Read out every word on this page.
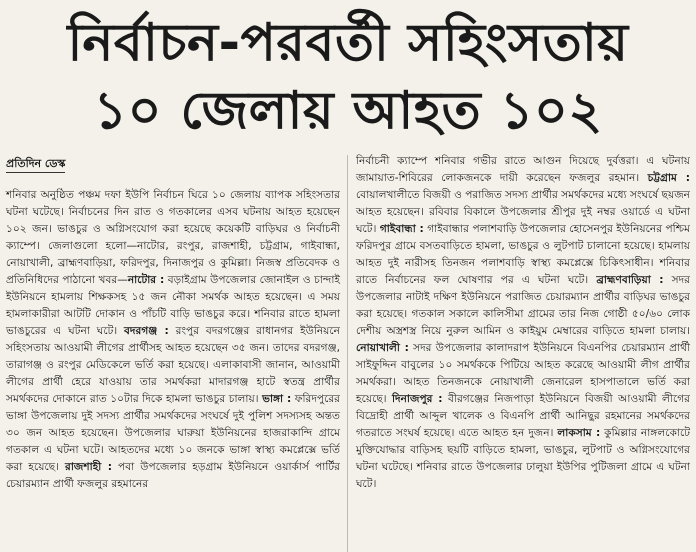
নির্বাচন-পরবর্তী সহিংসতায়
১০ জেলায় আহত ১০২
প্রতিদিন ডেস্ক

শনিবার অনুষ্ঠিত পঞ্চম দফা ইউপি নির্বাচন ঘিরে ১০ জেলায় ব্যাপক সহিংসতার ঘটনা ঘটেছে। নির্বাচনের দিন রাত ও গতকালের এসব ঘটনায় আহত হয়েছেন ১০২ জন। ভাঙচুর ও অগ্নিসংযোগ করা হয়েছে কয়েকটি বাড়িঘর ও নির্বাচনী ক্যাম্পে। জেলাগুলো হলো—নাটোর, রংপুর, রাজশাহী, চট্টগ্রাম, গাইবান্ধা, নোয়াখালী, ব্রাহ্মণবাড়িয়া, ফরিদপুর, দিনাজপুর ও কুমিল্লা। নিজস্ব প্রতিবেদক ও প্রতিনিধিদের পাঠানো খবর—নাটোর : বড়াইগ্রাম উপজেলার জোনাইল ও চান্দাই ইউনিয়নে হামলায় শিক্ষকসহ ১৫ জন নৌকা সমর্থক আহত হয়েছেন। এ সময় হামলাকারীরা আটটি দোকান ও পাঁচটি বাড়ি ভাঙচুর করে। শনিবার রাতে হামলা ভাঙচুরের এ ঘটনা ঘটে। বদরগঞ্জ : রংপুর বদরগঞ্জের রাধানগর ইউনিয়নে সহিংসতায় আওয়ামী লীগের প্রার্থীসহ আহত হয়েছেন ৩৫ জন। তাদের বদরগঞ্জ, তারাগঞ্জ ও রংপুর মেডিকেলে ভর্তি করা হয়েছে। এলাকাবাসী জানান, আওয়ামী লীগের প্রার্থী হেরে যাওয়ায় তার সমর্থকরা মাদারগঞ্জ হাটে স্বতন্ত্র প্রার্থীর সমর্থকদের দোকানে রাত ১০টার দিকে হামলা ভাঙচুর চালায়। ভাঙ্গা : ফরিদপুরের ভাঙ্গা উপজেলায় দুই সদস্য প্রার্থীর সমর্থকদের সংঘর্ষে দুই পুলিশ সদস্যসহ অন্তত ৩০ জন আহত হয়েছেন। উপজেলার ঘারুয়া ইউনিয়নের হাজরাকান্দি গ্রামে গতকাল এ ঘটনা ঘটে। আহতদের মধ্যে ১০ জনকে ভাঙ্গা স্বাস্থ্য কমপ্লেক্সে ভর্তি করা হয়েছে। রাজশাহী : পবা উপজেলার হড়গ্রাম ইউনিয়নে ওয়ার্কার্স পার্টির চেয়ারম্যান প্রার্থী ফজলুর রহমানের

নির্বাচনী ক্যাম্পে শনিবার গভীর রাতে আগুন দিয়েছে দুর্বত্তরা। এ ঘটনায় জামায়াত-শিবিরের লোকজনকে দায়ী করেছেন ফজলুর রহমান। চট্টগ্রাম : বোয়ালখালীতে বিজয়ী ও পরাজিত সদস্য প্রার্থীর সমর্থকদের মধ্যে সংঘর্ষে ছয়জন আহত হয়েছেন। রবিবার বিকালে উপজেলার শ্রীপুর দুই নম্বর ওয়ার্ডে এ ঘটনা ঘটে। গাইবান্ধা : গাইবান্ধার পলাশবাড়ি উপজেলার হোসেনপুর ইউনিয়নের পশ্চিম ফরিদপুর গ্রামে বসতবাড়িতে হামলা, ভাঙচুর ও লুটপাট চালানো হয়েছে। হামলায় আহত দুই নারীসহ তিনজন পলাশবাড়ি স্বাস্থ্য কমপ্লেক্সে চিকিৎসাধীন। শনিবার রাতে নির্বাচনের ফল ঘোষণার পর এ ঘটনা ঘটে। ব্রাহ্মণবাড়িয়া : সদর উপজেলার নাটাই দক্ষিণ ইউনিয়নে পরাজিত চেয়ারম্যান প্রার্থীর বাড়িঘর ভাঙচুর করা হয়েছে। গতকাল সকালে কালিসীমা গ্রামের তার নিজ গোষ্ঠী ৫০/৬০ লোক দেশীয় অস্ত্রশস্ত্র নিয়ে নুরুল আমিন ও কাইয়ুম মেম্বারের বাড়িতে হামলা চালায়। নোয়াখালী : সদর উপজেলার কালাদরাপ ইউনিয়নে বিএনপির চেয়ারম্যান প্রার্থী সাইফুদ্দিন বাবুলের ১০ সমর্থককে পিটিয়ে আহত করেছে আওয়ামী লীগ প্রার্থীর সমর্থকরা। আহত তিনজনকে নোয়াখালী জেনারেল হাসপাতালে ভর্তি করা হয়েছে। দিনাজপুর : বীরগঞ্জের নিজপাড়া ইউনিয়নে বিজয়ী আওয়ামী লীগের বিদ্রোহী প্রার্থী আব্দুল খালেক ও বিএনপি প্রার্থী আনিছুর রহমানের সমর্থকদের গতরাতে সংঘর্ষ হয়েছে। এতে আহত হন দুজন। লাকসাম : কুমিল্লার নাঙ্গলকোটে মুক্তিযোদ্ধার বাড়িসহ ছয়টি বাড়িতে হামলা, ভাঙচুর, লুটপাট ও অগ্নিসংযোগের ঘটনা ঘটেছে। শনিবার রাতে উপজেলার ঢালুয়া ইউপির পুটিজলা গ্রামে এ ঘটনা ঘটে।
